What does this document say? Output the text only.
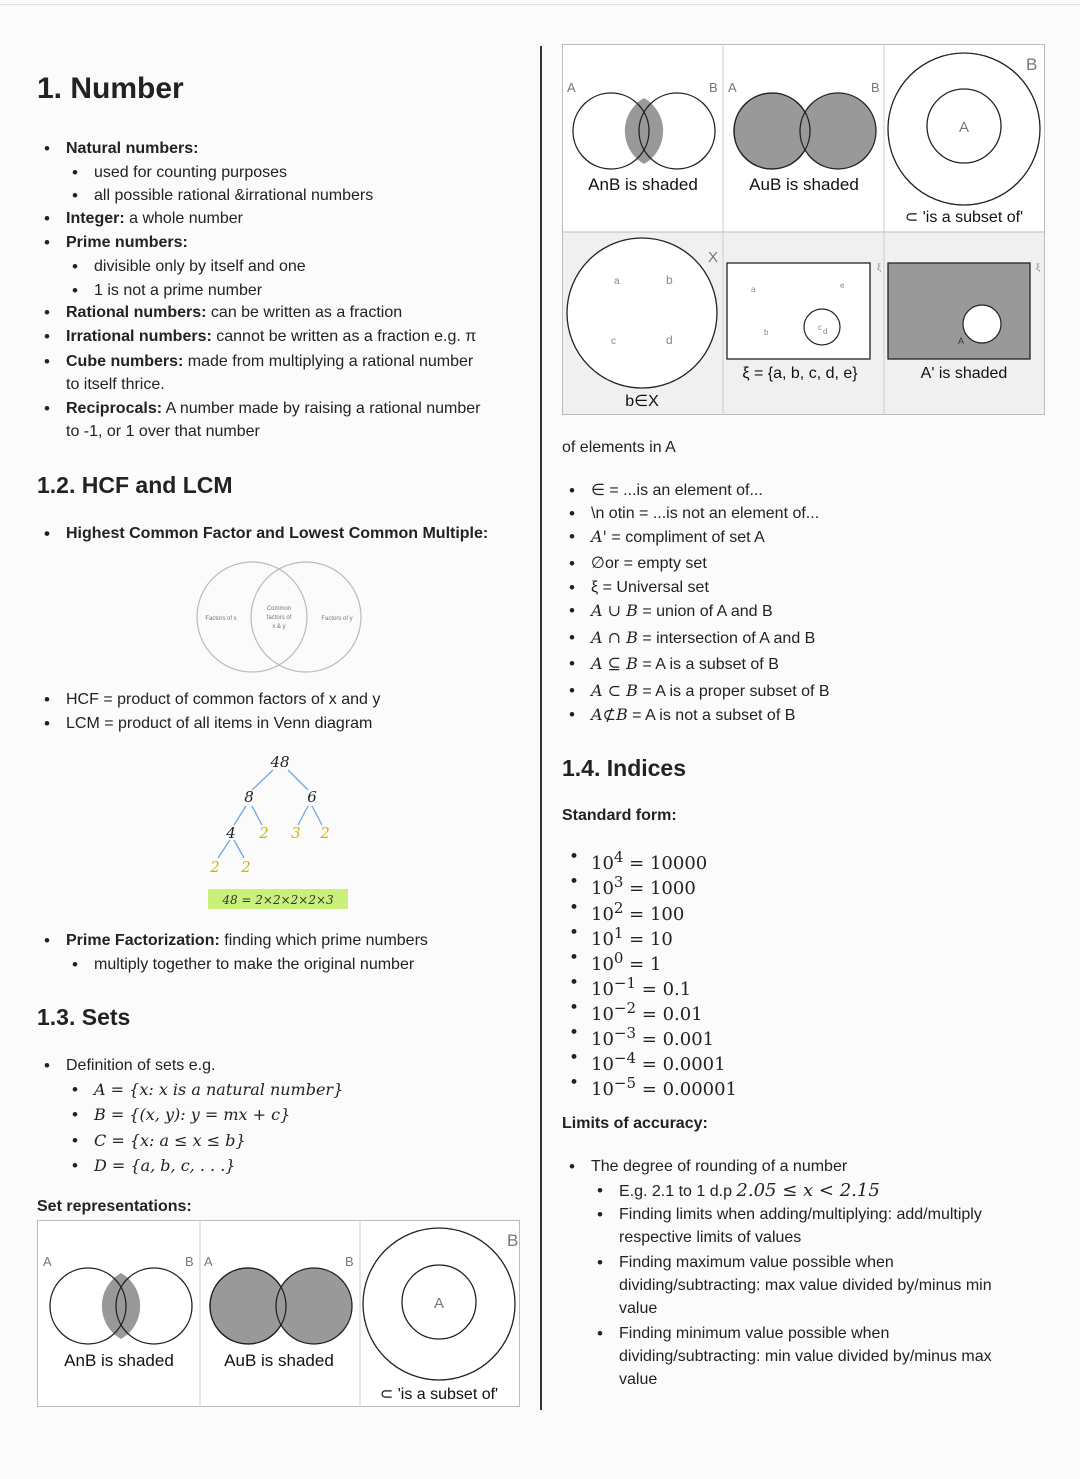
1. Number
• Natural numbers:
• used for counting purposes
• all possible rational &irrational numbers
• Integer: a whole number
• Prime numbers:
• divisible only by itself and one
• 1 is not a prime number
• Rational numbers: can be written as a fraction
• Irrational numbers: cannot be written as a fraction e.g. π
• Cube numbers: made from multiplying a rational number
to itself thrice.
• Reciprocals: A number made by raising a rational number
to -1, or 1 over that number
1.2. HCF and LCM
• Highest Common Factor and Lowest Common Multiple:
Factors of x
Common
factors of
x & y
Factors of y
• HCF = product of common factors of x and y
• LCM = product of all items in Venn diagram
48
8	6
4 2 3 2
2 2
48 = 2×2×2×2×3
• Prime Factorization: finding which prime numbers
• multiply together to make the original number
1.3. Sets
• Definition of sets e.g.
• A = {x: x is a natural number}
• B = {(x, y): y = mx + c}
• C = {x: a ≤ x ≤ b}
• D = {a, b, c, . . .}
Set representations:
A	B
AnB is shaded
A	B
AuB is shaded
A
B
⊂ 'is a subset of'
A	B
AnB is shaded
A	B
AuB is shaded
A
B
⊂ 'is a subset of'
X
a	b
c	d
b∈X
ξ
a
b
c d
e
ξ = {a, b, c, d, e}
ξ
A
A' is shaded
of elements in A
• ∈ = ...is an element of...
• \n otin = ...is not an element of...
• A' = compliment of set A
• ∅or = empty set
• ξ = Universal set
• A ∪ B = union of A and B
• A ∩ B = intersection of A and B
• A ⊆ B = A is a subset of B
• A ⊂ B = A is a proper subset of B
• A⊄B = A is not a subset of B
1.4. Indices
Standard form:
• $10^4 = 10000$
• $10^3 = 1000$
• $10^2 = 100$
• $10^1 = 10$
• $10^0 = 1$
• $10^{-1} = 0.1$
• $10^{-2} = 0.01$
• $10^{-3} = 0.001$
• $10^{-4} = 0.0001$
• $10^{-5} = 0.00001$
Limits of accuracy:
• The degree of rounding of a number
• E.g. 2.1 to 1 d.p 2.05 ≤ x < 2.15
• Finding limits when adding/multiplying: add/multiply
respective limits of values
• Finding maximum value possible when
dividing/subtracting: max value divided by/minus min
value
• Finding minimum value possible when
dividing/subtracting: min value divided by/minus max
value
